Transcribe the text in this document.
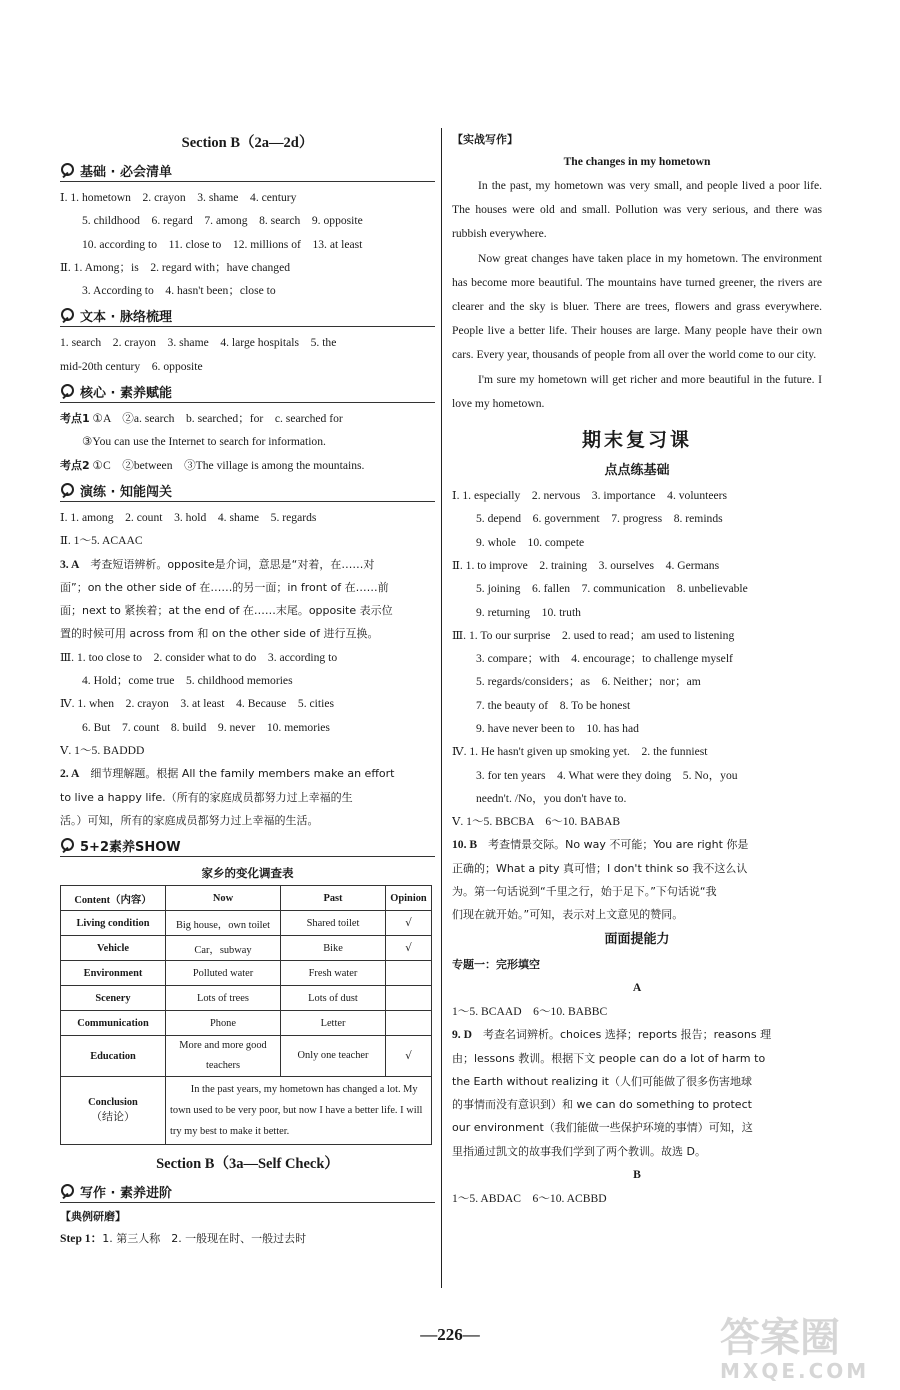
Section B（2a—2d）
基础 · 必会清单
Ⅰ. 1. hometown　2. crayon　3. shame　4. century
5. childhood　6. regard　7. among　8. search　9. opposite
10. according to　11. close to　12. millions of　13. at least
Ⅱ. 1. Among；is　2. regard with；have changed
3. According to　4. hasn't been；close to
文本 · 脉络梳理
1. search　2. crayon　3. shame　4. large hospitals　5. the
mid-20th century　6. opposite
核心 · 素养赋能
考点1 ①A　②a. search　b. searched；for　c. searched for
③You can use the Internet to search for information.
考点2 ①C　②between　③The village is among the mountains.
演练 · 知能闯关
Ⅰ. 1. among　2. count　3. hold　4. shame　5. regards
Ⅱ. 1～5. ACAAC
3. A　考查短语辨析。opposite是介词，意思是“对着，在……对
面”；on the other side of 在……的另一面；in front of 在……前
面；next to 紧挨着；at the end of 在……末尾。opposite 表示位
置的时候可用 across from 和 on the other side of 进行互换。
Ⅲ. 1. too close to　2. consider what to do　3. according to
4. Hold；come true　5. childhood memories
Ⅳ. 1. when　2. crayon　3. at least　4. Because　5. cities
6. But　7. count　8. build　9. never　10. memories
Ⅴ. 1～5. BADDD
2. A　细节理解题。根据 All the family members make an effort
to live a happy life.（所有的家庭成员都努力过上幸福的生
活。）可知，所有的家庭成员都努力过上幸福的生活。
5+2素养SHOW
家乡的变化调查表
Content（内容）	Now	Past	Opinion
Living condition	Big house，own toilet	Shared toilet	√
Vehicle	Car，subway	Bike	√
Environment	Polluted water	Fresh water	
Scenery	Lots of trees	Lots of dust	
Communication	Phone	Letter	
Education	More and more good teachers	Only one teacher	√

Conclusion
（结论）	　　In the past years, my hometown has changed a lot. My town used to be very poor, but now I have a better life. I will try my best to make it better.		
Section B（3a—Self Check）
写作 · 素养进阶
【典例研磨】
Step 1：1. 第三人称　2. 一般现在时、一般过去时
【实战写作】
The changes in my hometown

In the past, my hometown was very small, and people lived a poor life. The houses were old and small. Pollution was very serious, and there was rubbish everywhere.

Now great changes have taken place in my hometown. The environment has become more beautiful. The mountains have turned greener, the rivers are clearer and the sky is bluer. There are trees, flowers and grass everywhere. People live a better life. Their houses are large. Many people have their own cars. Every year, thousands of people from all over the world come to our city.

I'm sure my hometown will get richer and more beautiful in the future. I love my hometown.

期末复习课
点点练基础
Ⅰ. 1. especially　2. nervous　3. importance　4. volunteers
5. depend　6. government　7. progress　8. reminds
9. whole　10. compete
Ⅱ. 1. to improve　2. training　3. ourselves　4. Germans
5. joining　6. fallen　7. communication　8. unbelievable
9. returning　10. truth
Ⅲ. 1. To our surprise　2. used to read；am used to listening
3. compare；with　4. encourage；to challenge myself
5. regards/considers；as　6. Neither；nor；am
7. the beauty of　8. To be honest
9. have never been to　10. has had
Ⅳ. 1. He hasn't given up smoking yet.　2. the funniest
3. for ten years　4. What were they doing　5. No，you
needn't. /No，you don't have to.
Ⅴ. 1～5. BBCBA　6～10. BABAB
10. B　考查情景交际。No way 不可能；You are right 你是
正确的；What a pity 真可惜；I don't think so 我不这么认
为。第一句话说到“千里之行，始于足下。”下句话说“我
们现在就开始。”可知，表示对上文意见的赞同。
面面提能力
专题一：完形填空
A
1～5. BCAAD　6～10. BABBC
9. D　考查名词辨析。choices 选择；reports 报告；reasons 理
由；lessons 教训。根据下文 people can do a lot of harm to
the Earth without realizing it（人们可能做了很多伤害地球
的事情而没有意识到）和 we can do something to protect
our environment（我们能做一些保护环境的事情）可知，这
里指通过凯文的故事我们学到了两个教训。故选 D。
B
1～5. ABDAC　6～10. ACBBD
—226—	答案圈
MXQE.COM
